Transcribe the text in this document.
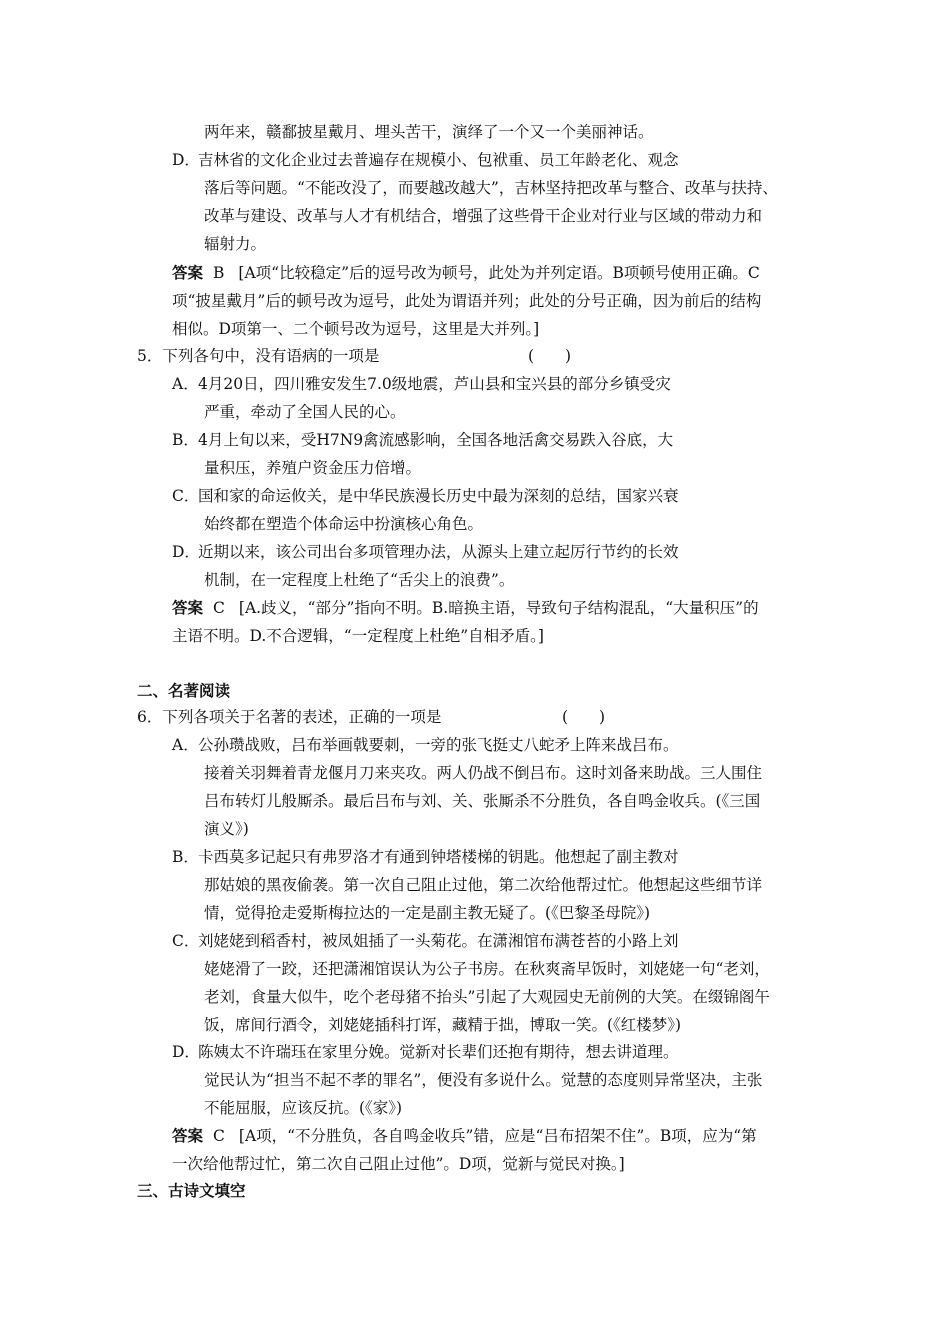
两年来，赣鄱披星戴月、埋头苦干，演绎了一个又一个美丽神话。
D．
吉林省的文化企业过去普遍存在规模小、包袱重、员工年龄老化、观念
落后等问题。“不能改没了，而要越改越大”，吉林坚持把改革与整合、改革与扶持、
改革与建设、改革与人才有机结合，增强了这些骨干企业对行业与区域的带动力和
辐射力。
答案 B [A项“比较稳定”后的逗号改为顿号，此处为并列定语。B项顿号使用正确。C
项“披星戴月”后的顿号改为逗号，此处为谓语并列；此处的分号正确，因为前后的结构
相似。D项第一、二个顿号改为逗号，这里是大并列。]
5．下列各句中，没有语病的一项是	(　　)
A． 4月20日，四川雅安发生7.0级地震，芦山县和宝兴县的部分乡镇受灾
严重，牵动了全国人民的心。
B． 4月上旬以来，受H7N9禽流感影响，全国各地活禽交易跌入谷底，大
量积压，养殖户资金压力倍增。
C．
国和家的命运攸关，是中华民族漫长历史中最为深刻的总结，国家兴衰
始终都在塑造个体命运中扮演核心角色。
D．
近期以来，该公司出台多项管理办法，从源头上建立起厉行节约的长效
机制，在一定程度上杜绝了“舌尖上的浪费”。
答案 C [A.歧义，“部分”指向不明。B.暗换主语，导致句子结构混乱，“大量积压”的
主语不明。D.不合逻辑，“一定程度上杜绝”自相矛盾。]
二、名著阅读
6．下列各项关于名著的表述，正确的一项是	(　　)
A． 公孙瓒战败，吕布举画戟要刺，一旁的张飞挺丈八蛇矛上阵来战吕布。
接着关羽舞着青龙偃月刀来夹攻。两人仍战不倒吕布。这时刘备来助战。三人围住
吕布转灯儿般厮杀。最后吕布与刘、关、张厮杀不分胜负，各自鸣金收兵。(《三国
演义》)
B． 卡西莫多记起只有弗罗洛才有通到钟塔楼梯的钥匙。他想起了副主教对
那姑娘的黑夜偷袭。第一次自己阻止过他，第二次给他帮过忙。他想起这些细节详
情，觉得抢走爱斯梅拉达的一定是副主教无疑了。(《巴黎圣母院》)
C．
刘姥姥到稻香村，被凤姐插了一头菊花。在潇湘馆布满苍苔的小路上刘
姥姥滑了一跤，还把潇湘馆误认为公子书房。在秋爽斋早饭时，刘姥姥一句“老刘，
老刘，食量大似牛，吃个老母猪不抬头”引起了大观园史无前例的大笑。在缀锦阁午
饭，席间行酒令，刘姥姥插科打诨，藏精于拙，博取一笑。(《红楼梦》)
D．
陈姨太不许瑞珏在家里分娩。觉新对长辈们还抱有期待，想去讲道理。
觉民认为“担当不起不孝的罪名”，便没有多说什么。觉慧的态度则异常坚决，主张
不能屈服，应该反抗。(《家》)
答案 C [A项，“不分胜负，各自鸣金收兵”错，应是“吕布招架不住”。B项，应为“第
一次给他帮过忙，第二次自己阻止过他”。D项，觉新与觉民对换。]
三、古诗文填空
